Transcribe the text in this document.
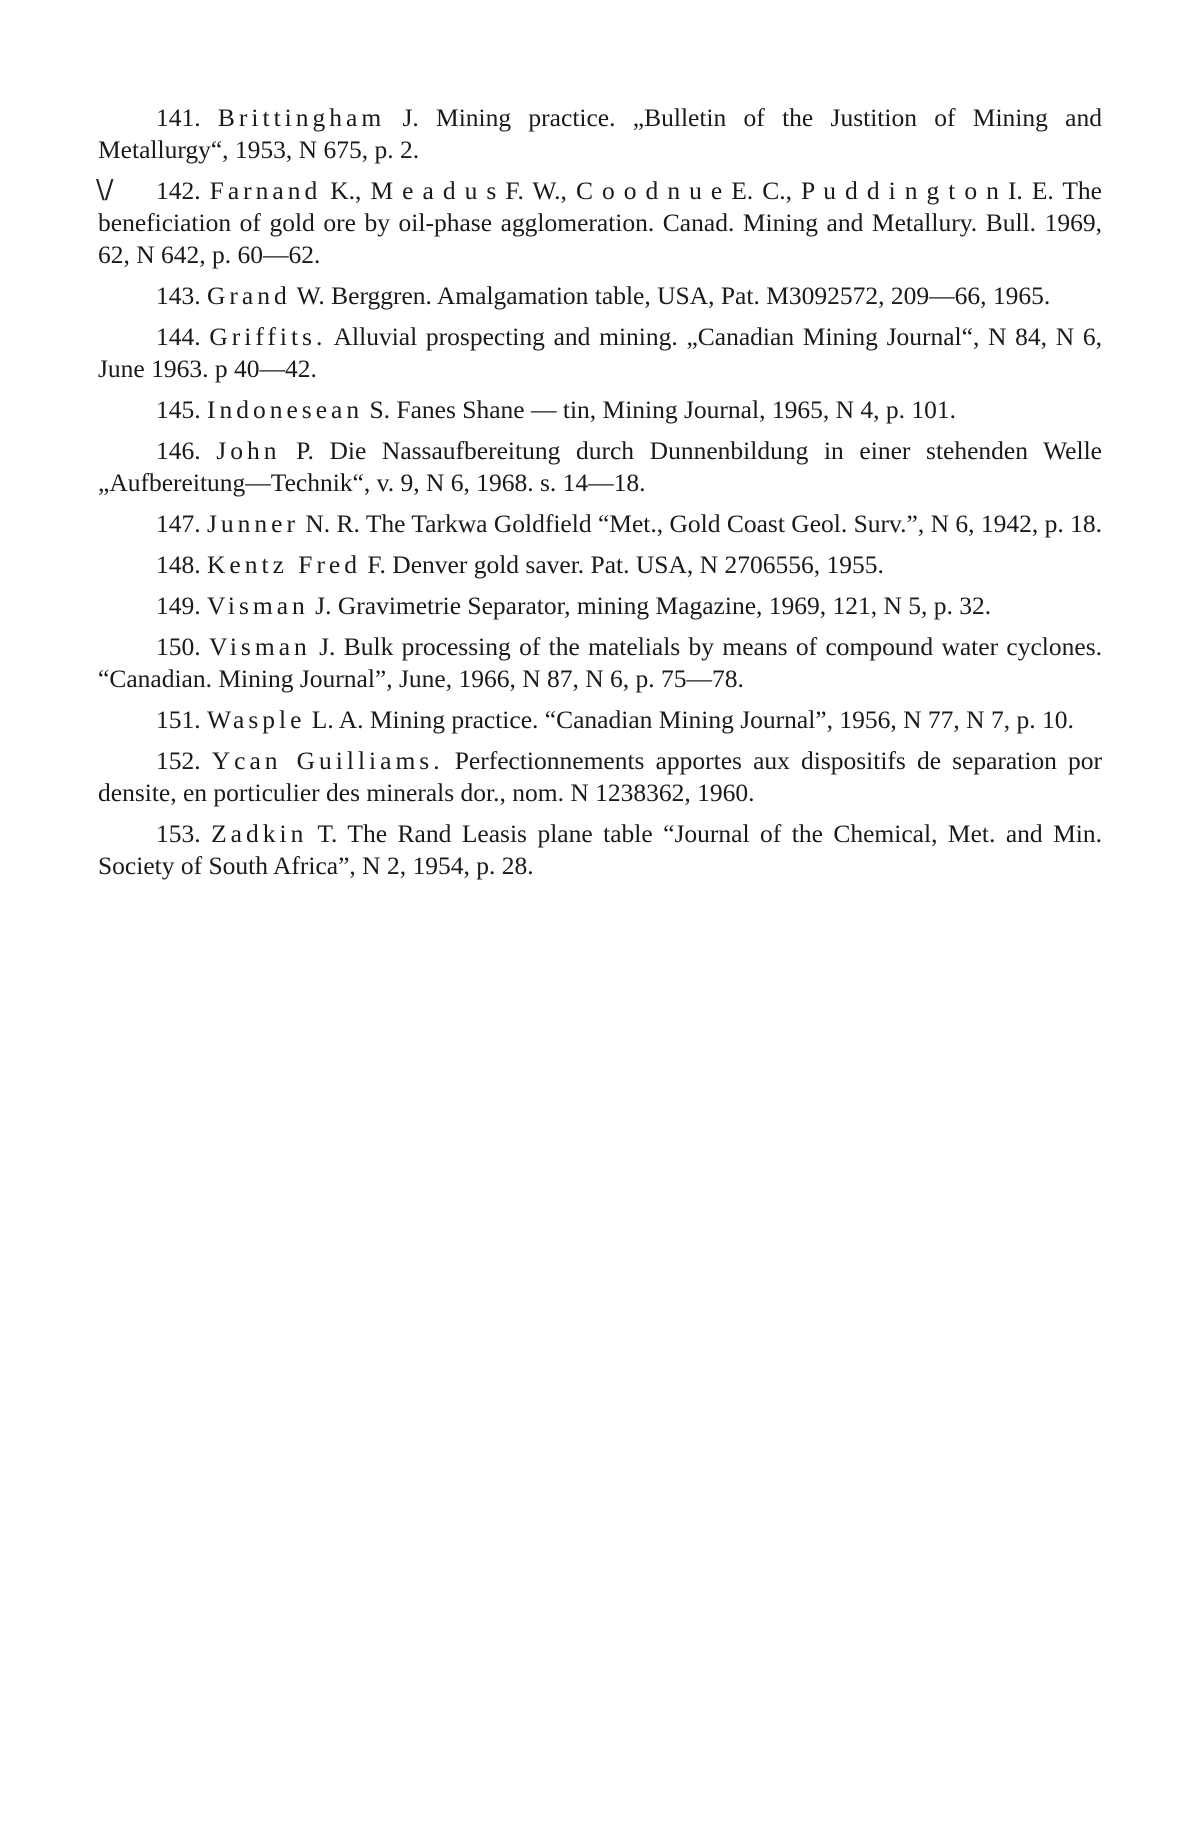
141. Brittingham J. Mining practice. „Bulletin of the Justition of Mining and Metallurgy“, 1953, N 675, p. 2.

\/ 142. Farnand K., M e a d u s F. W., C o o d n u e E. C., P u d d i n g t o n I. E. The beneficiation of gold ore by oil-phase agglomeration. Canad. Mining and Metallury. Bull. 1969, 62, N 642, p. 60—62.

143. Grand W. Berggren. Amalgamation table, USA, Pat. M3092572, 209—66, 1965.

144. Griffits. Alluvial prospecting and mining. „Canadian Mining Journal“, N 84, N 6, June 1963. p 40—42.

145. Indonesean S. Fanes Shane — tin, Mining Journal, 1965, N 4, p. 101.

146. John P. Die Nassaufbereitung durch Dunnenbildung in einer stehenden Welle „Aufbereitung—Technik“, v. 9, N 6, 1968. s. 14—18.

147. Junner N. R. The Tarkwa Goldfield “Met., Gold Coast Geol. Surv.”, N 6, 1942, p. 18.

148. Kentz Fred F. Denver gold saver. Pat. USA, N 2706556, 1955.

149. Visman J. Gravimetrie Separator, mining Magazine, 1969, 121, N 5, p. 32.

150. Visman J. Bulk processing of the matelials by means of compound water cyclones. “Canadian. Mining Journal”, June, 1966, N 87, N 6, p. 75—78.

151. Wasple L. A. Mining practice. “Canadian Mining Journal”, 1956, N 77, N 7, p. 10.

152. Ycan Guilliams. Perfectionnements apportes aux dispositifs de separation por densite, en porticulier des minerals dor., nom. N 1238362, 1960.

153. Zadkin T. The Rand Leasis plane table “Journal of the Chemical, Met. and Min. Society of South Africa”, N 2, 1954, p. 28.
